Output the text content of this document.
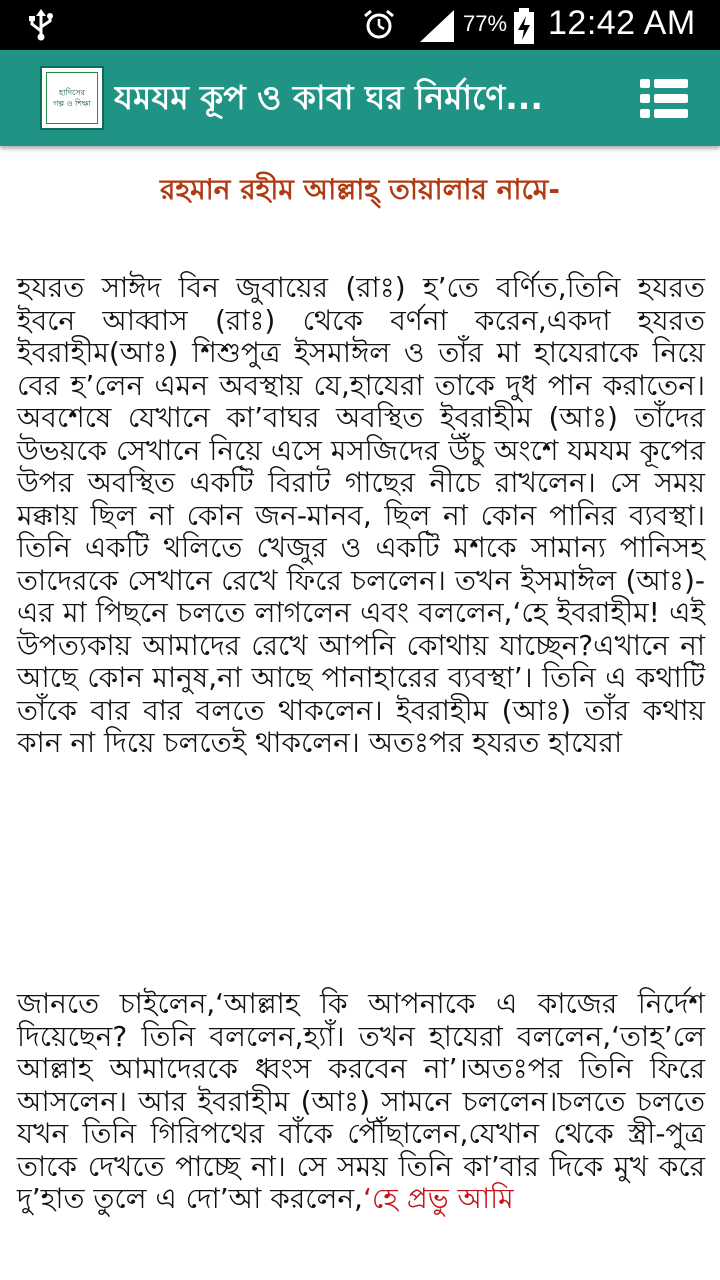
77% 12:42 AM
হাদিসের
গল্প ও শিক্ষা যমযম কূপ ও কাবা ঘর নির্মাণে...
রহমান রহীম আল্লাহ্ তায়ালার নামে-

হযরত সাঈদ বিন জুবায়ের (রাঃ) হ’তে বর্ণিত,তিনি হযরত ইবনে আব্বাস (রাঃ) থেকে বর্ণনা করেন,একদা হযরত ইবরাহীম(আঃ) শিশুপুত্র ইসমাঈল ও তাঁর মা হাযেরাকে নিয়ে বের হ’লেন এমন অবস্থায় যে,হাযেরা তাকে দুধ পান করাতেন। অবশেষে যেখানে কা’বাঘর অবস্থিত ইবরাহীম (আঃ) তাঁদের উভয়কে সেখানে নিয়ে এসে মসজিদের উঁচু অংশে যমযম কূপের উপর অবস্থিত একটি বিরাট গাছের নীচে রাখলেন। সে সময় মক্কায় ছিল না কোন জন-মানব, ছিল না কোন পানির ব্যবস্থা। তিনি একটি থলিতে খেজুর ও একটি মশকে সামান্য পানিসহ তাদেরকে সেখানে রেখে ফিরে চললেন। তখন ইসমাঈল (আঃ)-এর মা পিছনে চলতে লাগলেন এবং বললেন,‘হে ইবরাহীম! এই উপত্যকায় আমাদের রেখে আপনি কোথায় যাচ্ছেন?এখানে না আছে কোন মানুষ,না আছে পানাহারের ব্যবস্থা’। তিনি এ কথাটি তাঁকে বার বার বলতে থাকলেন। ইবরাহীম (আঃ) তাঁর কথায় কান না দিয়ে চলতেই থাকলেন। অতঃপর হযরত হাযেরা

জানতে চাইলেন,‘আল্লাহ কি আপনাকে এ কাজের নির্দেশ দিয়েছেন? তিনি বললেন,হ্যাঁ। তখন হাযেরা বললেন,‘তাহ’লে আল্লাহ আমাদেরকে ধ্বংস করবেন না’।অতঃপর তিনি ফিরে আসলেন। আর ইবরাহীম (আঃ) সামনে চললেন।চলতে চলতে যখন তিনি গিরিপথের বাঁকে পৌঁছালেন,যেখান থেকে স্ত্রী-পুত্র তাকে দেখতে পাচ্ছে না। সে সময় তিনি কা’বার দিকে মুখ করে দু’হাত তুলে এ দো’আ করলেন,‘হে প্রভু আমি
